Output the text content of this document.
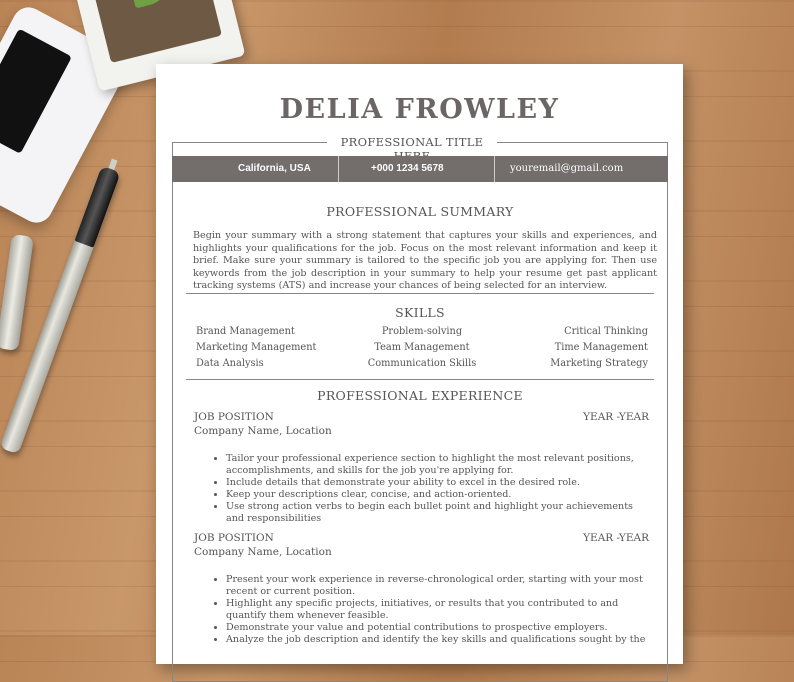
DELIA FROWLEY
PROFESSIONAL TITLE
California, USA	+000 1234 5678	youremail@gmail.com
PROFESSIONAL SUMMARY
Begin your summary with a strong statement that captures your skills and experiences, and highlights your qualifications for the job. Focus on the most relevant information and keep it brief. Make sure your summary is tailored to the specific job you are applying for. Then use keywords from the job description in your summary to help your resume get past applicant tracking systems (ATS) and increase your chances of being selected for an interview.
SKILLS
Brand Management	Problem-solving	Critical Thinking
Marketing Management	Team Management	Time Management
Data Analysis	Communication Skills	Marketing Strategy
PROFESSIONAL EXPERIENCE
JOB POSITION	YEAR -YEAR
Company Name, Location
• Tailor your professional experience section to highlight the most relevant positions, accomplishments, and skills for the job you're applying for.
• Include details that demonstrate your ability to excel in the desired role.
• Keep your descriptions clear, concise, and action-oriented.
• Use strong action verbs to begin each bullet point and highlight your achievements and responsibilities
JOB POSITION	YEAR -YEAR
Company Name, Location
• Present your work experience in reverse-chronological order, starting with your most recent or current position.
• Highlight any specific projects, initiatives, or results that you contributed to and quantify them whenever feasible.
• Demonstrate your value and potential contributions to prospective employers.
• Analyze the job description and identify the key skills and qualifications sought by the
